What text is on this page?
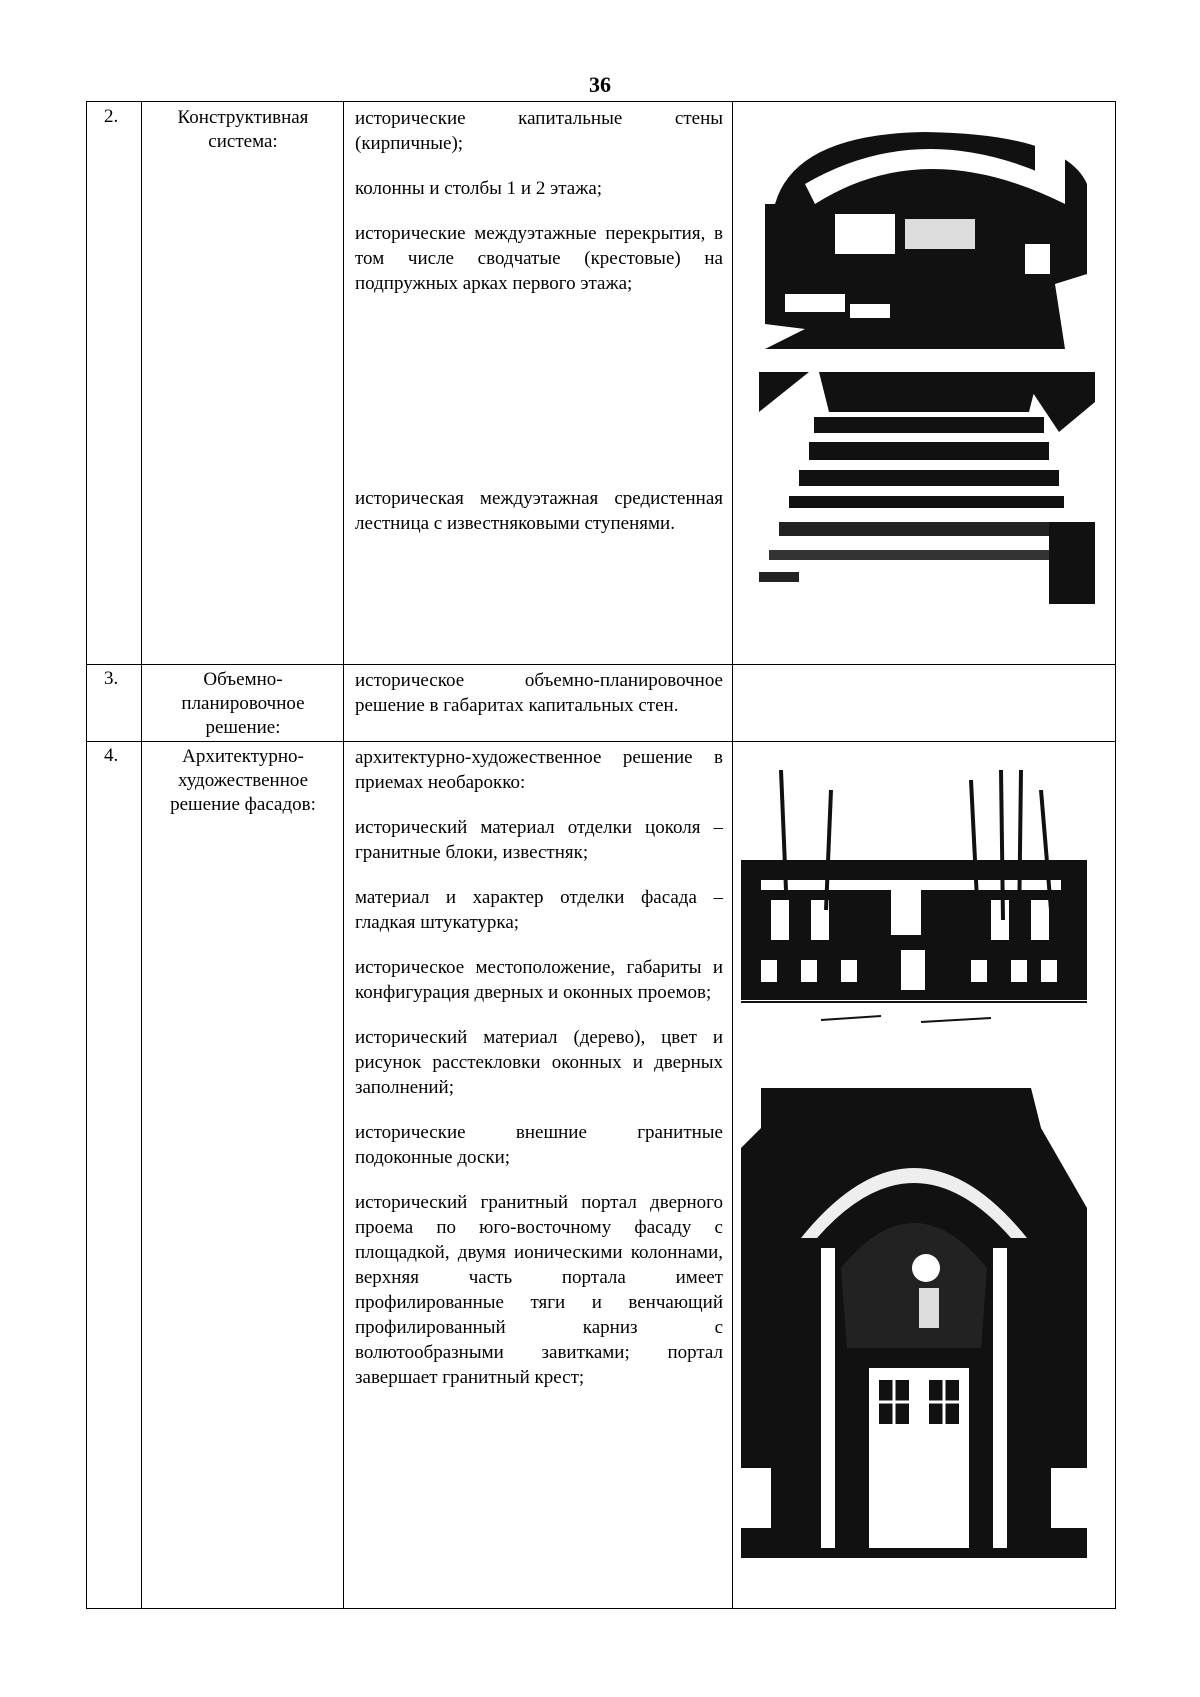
36
2.	Конструктивная система:

исторические капитальные стены (кирпичные);

колонны и столбы 1 и 2 этажа;

исторические междуэтажные перекрытия, в том числе сводчатые (крестовые) на подпружных арках первого этажа;

историческая междуэтажная средистенная лестница с известняковыми ступенями.

3.	Объемно-планировочное решение:

историческое объемно-планировочное решение в габаритах капитальных стен.

4.	Архитектурно-художественное решение фасадов:

архитектурно-художественное решение в приемах необарокко:

исторический материал отделки цоколя – гранитные блоки, известняк;

материал и характер отделки фасада – гладкая штукатурка;

историческое местоположение, габариты и конфигурация дверных и оконных проемов;

исторический материал (дерево), цвет и рисунок расстекловки оконных и дверных заполнений;

исторические внешние гранитные подоконные доски;

исторический гранитный портал дверного проема по юго-восточному фасаду с площадкой, двумя ионическими колоннами, верхняя часть портала имеет профилированные тяги и венчающий профилированный карниз с волютообразными завитками; портал завершает гранитный крест;
